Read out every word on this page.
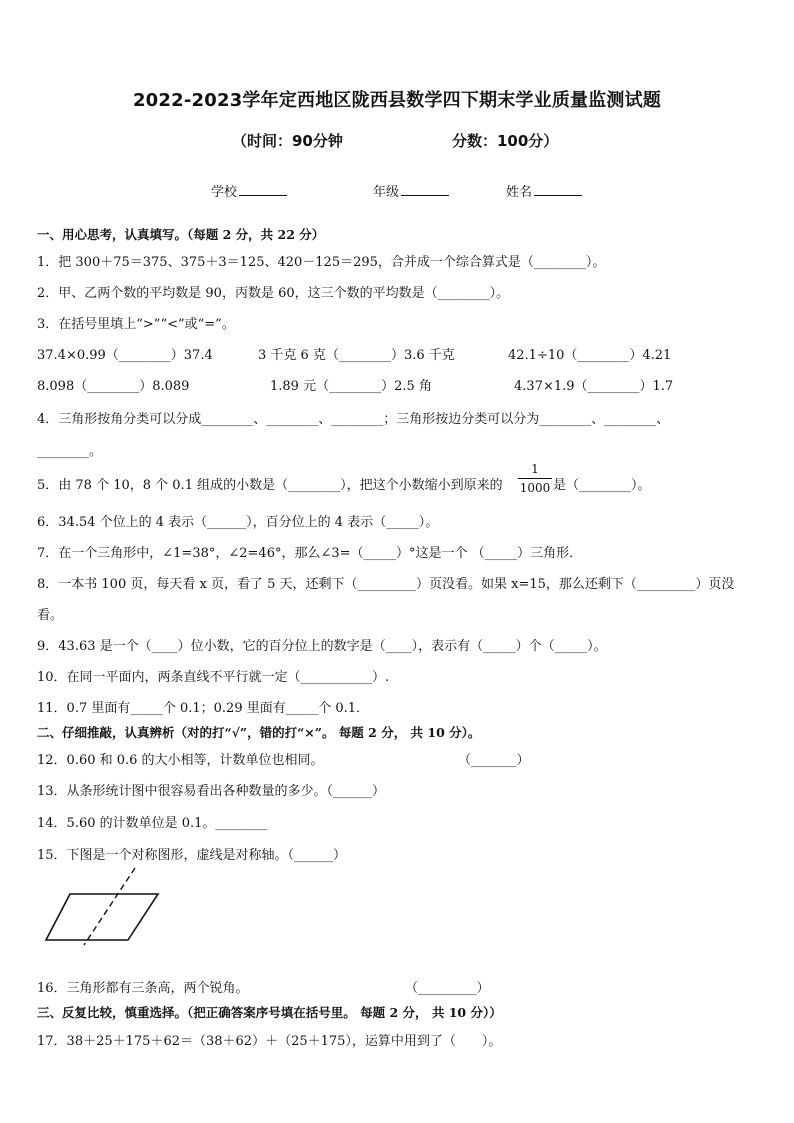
2022-2023学年定西地区陇西县数学四下期末学业质量监测试题
（时间：90分钟	分数：100分）
学校	年级	姓名
一、用心思考，认真填写。（每题 2 分，共 22 分）
1．把 300＋75＝375、375＋3＝125、420－125＝295，合并成一个综合算式是（________）。
2．甲、乙两个数的平均数是 90，丙数是 60，这三个数的平均数是（________）。
3．在括号里填上“>”“<”或“=”。
37.4×0.99（________）37.4	3 千克 6 克（________）3.6 千克	42.1÷10（________）4.21
8.098（________）8.089	1.89 元（________）2.5 角	4.37×1.9（________）1.7
4．三角形按角分类可以分成________、________、________；三角形按边分类可以分为________、________、
________。
5．由 78 个 10，8 个 0.1 组成的小数是（________），把这个小数缩小到原来的
1
1000 是（________）。
6．34.54 个位上的 4 表示（______），百分位上的 4 表示（_____）。
7．在一个三角形中，∠1=38°，∠2=46°，那么∠3=（_____）°这是一个 （_____）三角形．
8．一本书 100 页，每天看 x 页，看了 5 天，还剩下（_________）页没看。如果 x=15，那么还剩下（_________）页没
看。
9．43.63 是一个（____）位小数，它的百分位上的数字是（____），表示有（_____）个（_____）。
10．在同一平面内，两条直线不平行就一定（___________）.
11．0.7 里面有_____个 0.1；0.29 里面有_____个 0.1．
二、仔细推敲，认真辨析（对的打“√”，错的打“×”。 每题 2 分， 共 10 分）。
12．0.60 和 0.6 的大小相等，计数单位也相同。	（_______）
13．从条形统计图中很容易看出各种数量的多少。（______）
14．5.60 的计数单位是 0.1。________
15．下图是一个对称图形，虚线是对称轴。（______）
16．三角形都有三条高，两个锐角。	（_________）
三、反复比较，慎重选择。（把正确答案序号填在括号里。 每题 2 分， 共 10 分））
17．38＋25＋175＋62＝（38＋62）＋（25＋175），运算中用到了（　　）。
